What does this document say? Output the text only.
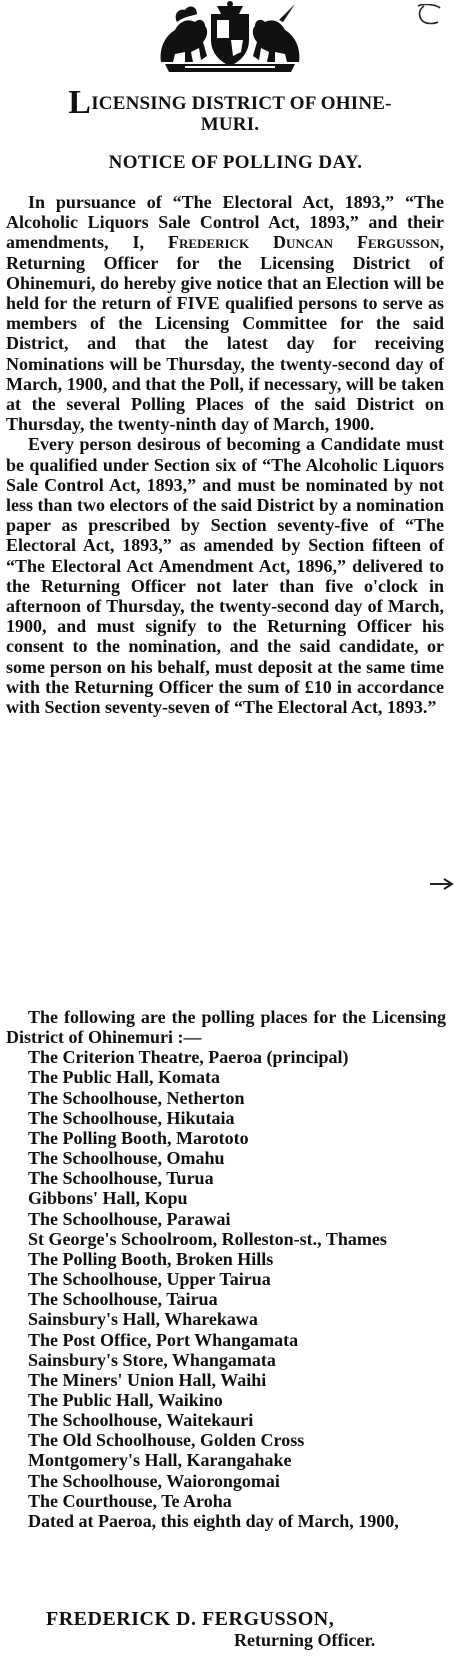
LICENSING DISTRICT OF OHINE-
MURI.
NOTICE OF POLLING DAY.

In pursuance of “The Electoral Act, 1893,” “The Alcoholic Liquors Sale Control Act, 1893,” and their amendments, I, Frederick Duncan Fergusson, Returning Officer for the Licensing District of Ohinemuri, do hereby give notice that an Election will be held for the return of FIVE qualified persons to serve as members of the Licensing Committee for the said District, and that the latest day for receiving Nominations will be Thursday, the twenty-second day of March, 1900, and that the Poll, if necessary, will be taken at the several Polling Places of the said District on Thursday, the twenty-ninth day of March, 1900.

Every person desirous of becoming a Candidate must be qualified under Section six of “The Alcoholic Liquors Sale Control Act, 1893,” and must be nominated by not less than two electors of the said District by a nomination paper as prescribed by Section seventy-five of “The Electoral Act, 1893,” as amended by Section fifteen of “The Electoral Act Amendment Act, 1896,” delivered to the Returning Officer not later than five o'clock in afternoon of Thursday, the twenty-second day of March, 1900, and must signify to the Returning Officer his consent to the nomination, and the said candidate, or some person on his behalf, must deposit at the same time with the Returning Officer the sum of £10 in accordance with Section seventy-seven of “The Electoral Act, 1893.”

The following are the polling places for the Licensing District of Ohinemuri :—
The Criterion Theatre, Paeroa (principal)
The Public Hall, Komata
The Schoolhouse, Netherton
The Schoolhouse, Hikutaia
The Polling Booth, Marototo
The Schoolhouse, Omahu
The Schoolhouse, Turua
Gibbons' Hall, Kopu
The Schoolhouse, Parawai
St George's Schoolroom, Rolleston-st., Thames
The Polling Booth, Broken Hills
The Schoolhouse, Upper Tairua
The Schoolhouse, Tairua
Sainsbury's Hall, Wharekawa
The Post Office, Port Whangamata
Sainsbury's Store, Whangamata
The Miners' Union Hall, Waihi
The Public Hall, Waikino
The Schoolhouse, Waitekauri
The Old Schoolhouse, Golden Cross
Montgomery's Hall, Karangahake
The Schoolhouse, Waiorongomai
The Courthouse, Te Aroha
Dated at Paeroa, this eighth day of March, 1900,
FREDERICK D. FERGUSSON,
Returning Officer.
